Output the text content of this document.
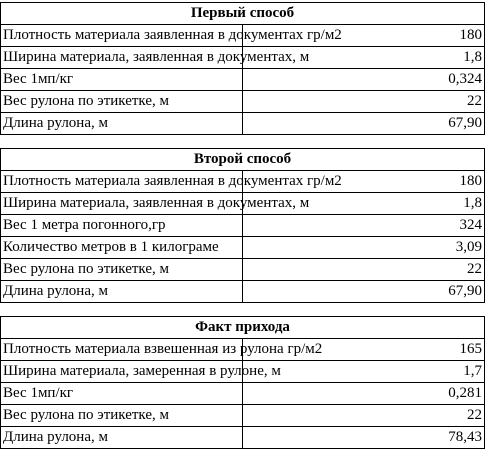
Первый способ	
Плотность материала заявленная в документах гр/м2	180
Ширина материала, заявленная в документах, м	1,8
Вес 1мп/кг	0,324
Вес рулона по этикетке, м	22
Длина рулона, м	67,90
Второй способ	
Плотность материала заявленная в документах гр/м2	180
Ширина материала, заявленная в документах, м	1,8
Вес 1 метра погонного,гр	324
Количество метров в 1 килограме	3,09
Вес рулона по этикетке, м	22
Длина рулона, м	67,90
Факт прихода	
Плотность материала взвешенная из рулона гр/м2	165
Ширина материала, замеренная в рулоне, м	1,7
Вес 1мп/кг	0,281
Вес рулона по этикетке, м	22
Длина рулона, м	78,43
